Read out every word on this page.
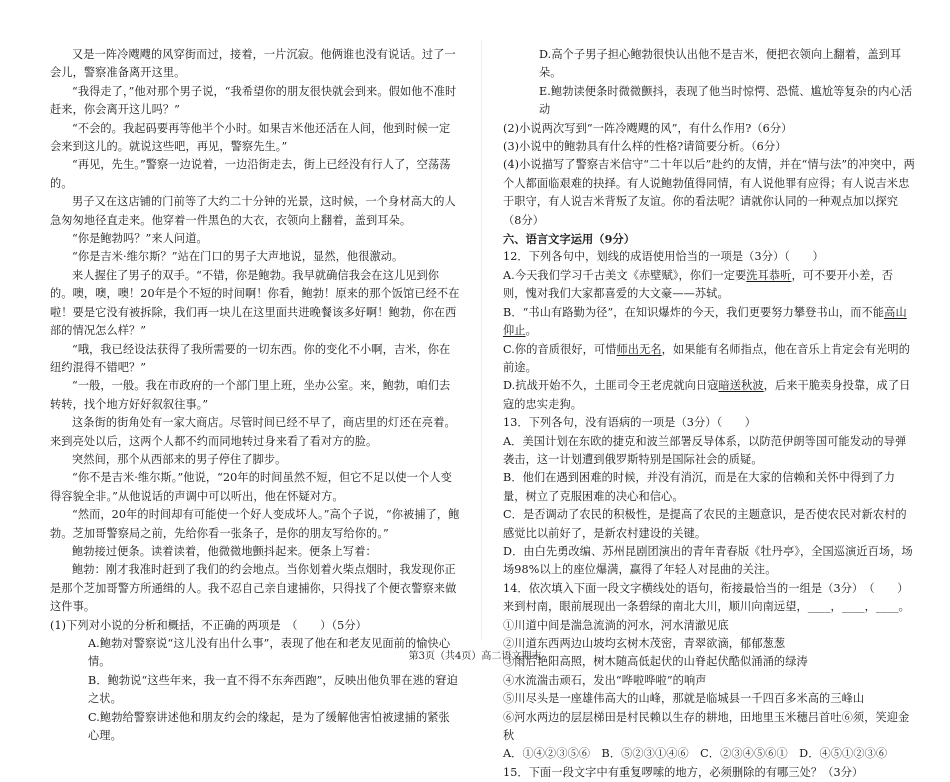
又是一阵冷飕飕的风穿街而过，接着，一片沉寂。他俩谁也没有说话。过了一会儿，警察准备离开这里。

“我得走了，”他对那个男子说，“我希望你的朋友很快就会到来。假如他不准时赶来，你会离开这儿吗？”

“不会的。我起码要再等他半个小时。如果吉米他还活在人间，他到时候一定会来到这儿的。就说这些吧，再见，警察先生。”

“再见，先生。”警察一边说着，一边沿街走去，街上已经没有行人了，空荡荡的。

男子又在这店铺的门前等了大约二十分钟的光景，这时候，一个身材高大的人急匆匆地径直走来。他穿着一件黑色的大衣，衣领向上翻着，盖到耳朵。

“你是鲍勃吗？”来人问道。

“你是吉米·维尔斯？”站在门口的男子大声地说，显然，他很激动。

来人握住了男子的双手。“不错，你是鲍勃。我早就确信我会在这儿见到你的。噢，噢，噢！20年是个不短的时间啊！你看，鲍勃！原来的那个饭馆已经不在啦！要是它没有被拆除，我们再一块儿在这里面共进晚餐该多好啊！鲍勃，你在西部的情况怎么样？”

“哦，我已经设法获得了我所需要的一切东西。你的变化不小啊，吉米，你在纽约混得不错吧？”

“一般，一般。我在市政府的一个部门里上班，坐办公室。来，鲍勃，咱们去转转，找个地方好好叙叙往事。”

这条街的街角处有一家大商店。尽管时间已经不早了，商店里的灯还在亮着。来到亮处以后，这两个人都不约而同地转过身来看了看对方的脸。

突然间，那个从西部来的男子停住了脚步。

“你不是吉米·维尔斯。”他说，“20年的时间虽然不短，但它不足以使一个人变得容貌全非。”从他说话的声调中可以听出，他在怀疑对方。

“然而，20年的时间却有可能使一个好人变成坏人。”高个子说，“你被捕了，鲍勃。芝加哥警察局之前，先给你看一张条子，是你的朋友写给你的。”

鲍勃接过便条。读着读着，他微微地颤抖起来。便条上写着：

鲍勃：刚才我准时赶到了我们的约会地点。当你划着火柴点烟时，我发现你正是那个芝加哥警方所通缉的人。我不忍自己亲自逮捕你，只得找了个便衣警察来做这件事。

(1)下列对小说的分析和概括，不正确的两项是　（　　）（5分）

A.鲍勃对警察说“这儿没有出什么事”，表现了他在和老友见面前的愉快心情。

B．鲍勃说“这些年来，我一直不得不东奔西跑”，反映出他负罪在逃的窘迫之状。

C.鲍勃给警察讲述他和朋友约会的缘起，是为了缓解他害怕被逮捕的紧张心理。

D.高个子男子担心鲍勃很快认出他不是吉米，便把衣领向上翻着，盖到耳朵。

E.鲍勃读便条时微微颤抖，表现了他当时惊愕、恐慌、尴尬等复杂的内心活动

(2)小说两次写到“一阵冷飕飕的风”，有什么作用?（6分）

(3)小说中的鲍勃具有什么样的性格?请简要分析。（6分）

(4)小说描写了警察吉米信守“二十年以后”赴约的友情，并在“情与法”的冲突中，两个人都面临艰难的抉择。有人说鲍勃值得同情，有人说他罪有应得；有人说吉米忠于职守，有人说吉米背叛了友谊。你的看法呢？请就你认同的一种观点加以探究（8分）

六、语言文字运用（9分）

12．下列各句中，划线的成语使用恰当的一项是（3分）（　　）

A.今天我们学习千古美文《赤壁赋》，你们一定要洗耳恭听，可不要开小差，否则，愧对我们大家都喜爱的大文豪——苏轼。

B．“书山有路勤为径”，在知识爆炸的今天，我们更要努力攀登书山，而不能高山仰止。

C.你的音质很好，可惜师出无名，如果能有名师指点，他在音乐上肯定会有光明的前途。

D.抗战开始不久，土匪司令王老虎就向日寇暗送秋波，后来干脆卖身投靠，成了日寇的忠实走狗。

13．下列各句，没有语病的一项是（3分）（　　）

A．美国计划在东欧的捷克和波兰部署反导体系，以防范伊朗等国可能发动的导弹袭击，这一计划遭到俄罗斯特别是国际社会的质疑。

B．他们在遇到困难的时候，并没有消沉，而是在大家的信赖和关怀中得到了力量，树立了克服困难的决心和信心。

C．是否调动了农民的积极性，是提高了农民的主题意识，是否使农民对新农村的感觉比以前好了，是新农村建设的关键。

D．由白先勇改编、苏州昆剧团演出的青年青春版《牡丹亭》，全国巡演近百场，场场98%以上的座位爆满，赢得了年轻人对昆曲的关注。

14．依次填入下面一段文字横线处的语句，衔接最恰当的一组是（3分）　（　　）

来到村南，眼前展现出一条碧绿的南北大川，顺川向南远望，____，____，____。

①川道中间是湍急流淌的河水，河水清澈见底

②川道东西两边山坡均玄树木茂密，青翠欲滴，郁郁葱葱

③雨后艳阳高照，树木随高低起伏的山脊起伏酷似涌涌的绿涛

④水流湍击顽石，发出“哗啦哗啦”的响声

⑤川尽头是一座雄伟高大的山峰，那就是临城县一千四百多米高的三峰山

⑥河水两边的层层梯田是村民赖以生存的耕地，田地里玉米穗吕首吐⑥须，笑迎金秋

A．①④②③⑤⑥　 B．⑤②③①④⑥　 C．②③④⑤⑥①　 D．④⑤①②③⑥

15．下面一段文字中有重复啰嗦的地方，必须删除的有哪三处？（3分）

第3页（共4页）高二语文期末
